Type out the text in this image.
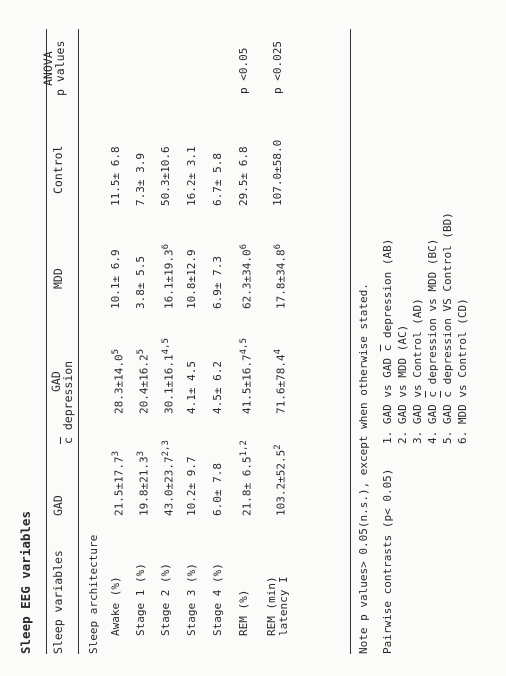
Sleep EEG variables Sleep variables
GAD
GAD
$\overline{c}$ depression
MDD
Control
ANOVA
p values
Sleep architecture	Note p values> 0.05(n.s.), except when otherwise stated. Pairwise contrasts (p< 0.05)
Awake (%)
$21.5\pm 17.7^3$
$28.3\pm 14.0^5$
10.1± 6.9
11.5± 6.8
Stage 1 (%)
$19.8\pm 21.3^3$
$20.4\pm 16.2^5$
3.8± 5.5
7.3± 3.9
Stage 2 (%)
$43.0\pm 23.7^{2,3}$
$30.1\pm 16.1^{4,5}$
$16.1\pm 19.3^6$
50.3±10.6
Stage 3 (%)
10.2± 9.7
4.1± 4.5
10.8±12.9
16.2± 3.1
Stage 4 (%)
6.0± 7.8
4.5± 6.2
6.9± 7.3
6.7± 5.8
REM (%)
$21.8\pm 6.5^{1,2}$
$41.5\pm 16.7^{4,5}$
$62.3\pm 34.0^6$
29.5± 6.8
p <0.05
REM (min) latency I
$103.2\pm 52.5^2$
$71.6\pm 78.4^4$
$17.8\pm 34.8^6$
107.0±58.0
p <0.025
1. GAD vs GAD $\overline{c}$ depression (AB)
2. GAD vs MDD (AC)
3. GAD vs Control (AD)
4. GAD $\overline{c}$ depression vs MDD (BC)
5. GAD $\overline{c}$ depression VS Control (BD)
6. MDD vs Control (CD)
